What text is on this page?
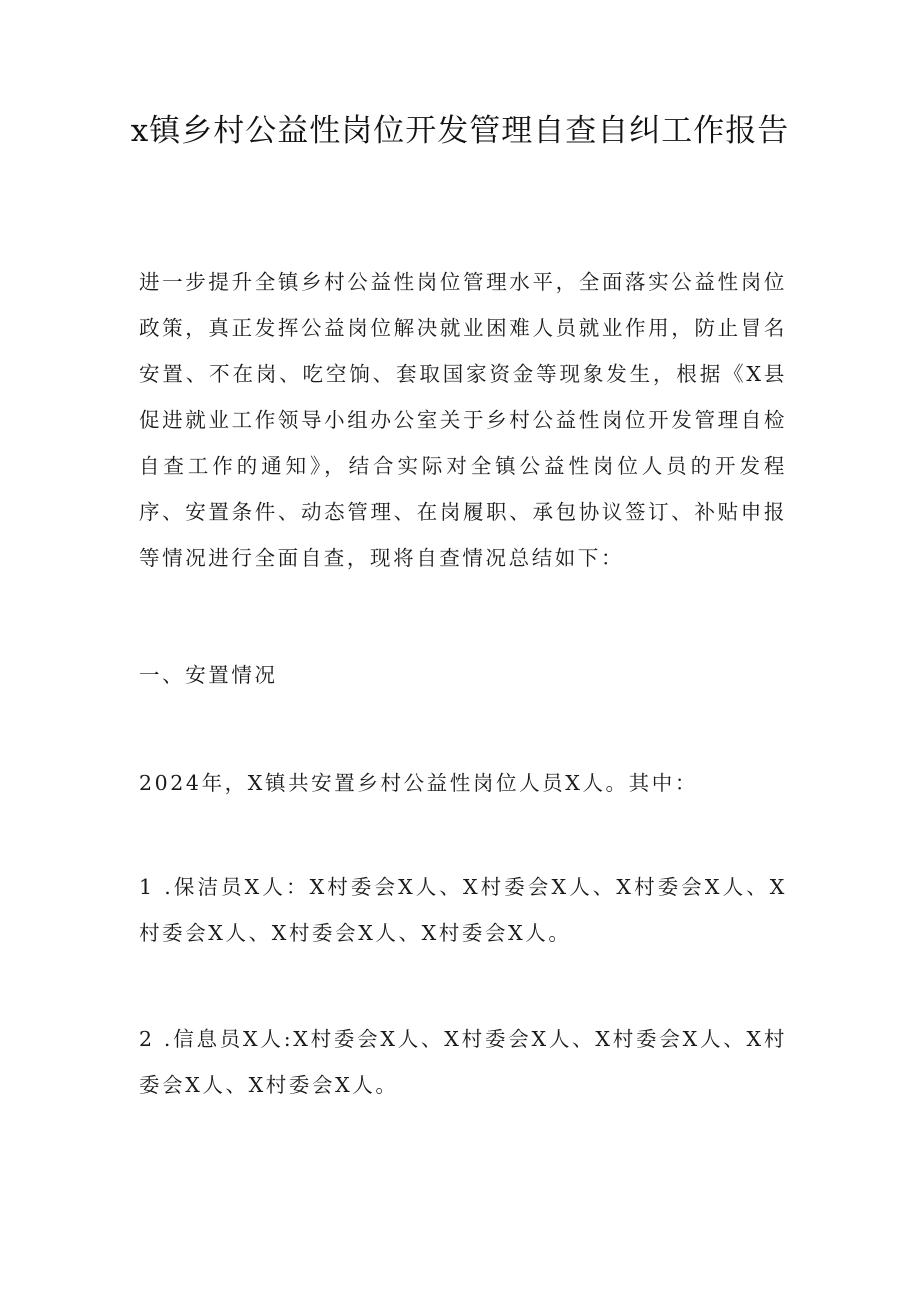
x镇乡村公益性岗位开发管理自查自纠工作报告

进一步提升全镇乡村公益性岗位管理水平，全面落实公益性岗位政策，真正发挥公益岗位解决就业困难人员就业作用，防止冒名安置、不在岗、吃空饷、套取国家资金等现象发生，根据《X县促进就业工作领导小组办公室关于乡村公益性岗位开发管理自检自查工作的通知》，结合实际对全镇公益性岗位人员的开发程序、安置条件、动态管理、在岗履职、承包协议签订、补贴申报等情况进行全面自查，现将自查情况总结如下：

一、安置情况

2024年，X镇共安置乡村公益性岗位人员X人。其中：

1 .保洁员X人：X村委会X人、X村委会X人、X村委会X人、X村委会X人、X村委会X人、X村委会X人。

2 .信息员X人:X村委会X人、X村委会X人、X村委会X人、X村委会X人、X村委会X人。
